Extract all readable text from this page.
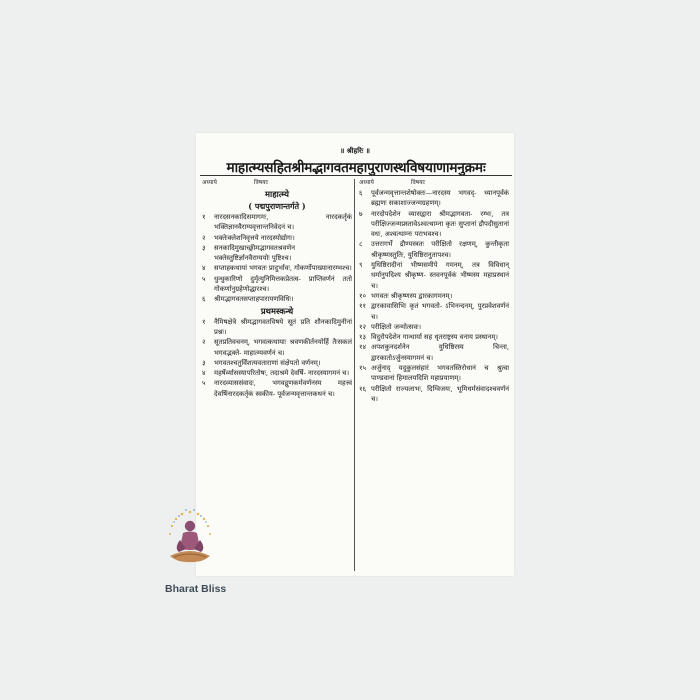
॥ श्रीहरिः ॥
माहात्म्यसहितश्रीमद्भागवतमहापुराणस्थविषयाणामनुक्रमः
अध्याये	विषयाः
माहात्म्ये
( पद्मपुराणान्तर्गते )
१	नारदसनकादिसमागमः, नारदकर्तृकं भक्तिज्ञानवैराग्यवृत्तान्तनिवेदनं च।
२	भक्तेःक्लेशनिवृत्तये नारदस्योद्योगः।
३	सनकादिमुखाच्छ्रीमद्भागवतश्रवणेन भक्तेस्तुष्टिर्ज्ञानवैराग्ययोः पुष्टिश्च।
४	सप्ताहकथायां भगवतः प्रादुर्भावः, गोकर्णोपाख्यानारम्भश्च।
५	धुन्धुकारिणो दुर्मृत्युनिमित्तकप्रेतत्व- प्राप्तिवर्णनं ततो गोकर्णानुग्रहेणोद्धारश्च।
६	श्रीमद्भागवतसप्ताहपारायणविधिः।
प्रथमस्कन्धे
१	नैमिषक्षेत्रे श्रीमद्भागवतविषये सूतं प्रति शौनकादिमुनीनां प्रश्नः।
२	सूतप्रतिवचनम्, भगवत्कथायाः श्रवणकीर्तनयोर्हि तैःसकलं भगवद्भक्ते- माहात्म्यवर्णनं च।
३	भगवतश्चतुर्विंशत्यवताराणां संक्षेपतो वर्णनम्।
४	महर्षेर्व्यासस्यापरितोषः, तदाश्रमे देवर्षि- नारदस्यागमनं च।
५	नारदव्याससंवादः, भगवद्गुणकर्मवर्णनस्य महत्त्वं देवर्षिनारदकर्तृकं स्वकीय- पूर्वजन्मवृत्तान्तकथनं च।
अध्याये	विषयाः
६	पूर्वजन्मवृत्तान्तशेषोक्तः—नारदस्य भगवद्- ध्यानपूर्वकं ब्रह्मणः सकाशाज्जन्मग्रहणम्।
७	नारदोपदेशेन व्यासद्वारा श्रीमद्भागवता- रम्भः, तत्र परीक्षिज्जन्मप्रस्तावेऽश्वत्थाम्ना कृतः सुप्तानां द्रौपदीसुतानां वधः, अश्वत्थाम्नः पराभवश्च।
८	उत्तरागर्भे द्रौण्यस्त्रतः परीक्षितो रक्षणम्, कुन्तीकृता श्रीकृष्णस्तुतिः, युधिष्ठिरानुतापश्च।
९	युधिष्ठिरादीनां भीष्मसमीपे गमनम्, तत्र विविधान् धर्मानुपदिश्य श्रीकृष्ण- स्तवनपूर्वकं भीष्मस्य महाप्रस्थानं च।
१० भगवतः श्रीकृष्णस्य द्वारकागमनम्।
११ द्वारकावासिभिः कृतं भगवतो- ऽभिनन्दनम्, पुरप्रवेशवर्णनं च।
१२ परीक्षितो जन्मोत्सवः।
१३ विदुरोपदेशेन गान्धार्या सह धृतराष्ट्रस्य वनाय प्रस्थानम्।
१४ अपशकुनदर्शनेन युधिष्ठिरस्य चिन्ता, द्वारकातोऽर्जुनस्यागमनं च।
१५ अर्जुनाद् यदुकुलसंहारं भगवतस्तिरोधानं च श्रुत्वा पाण्डवानां हिमालयदिशि महाप्रयाणम्।
१६ परीक्षितो राज्यलाभः, दिग्विजयः, भूमिधर्मसंवादश्चवर्णनं च।
Bharat Bliss
